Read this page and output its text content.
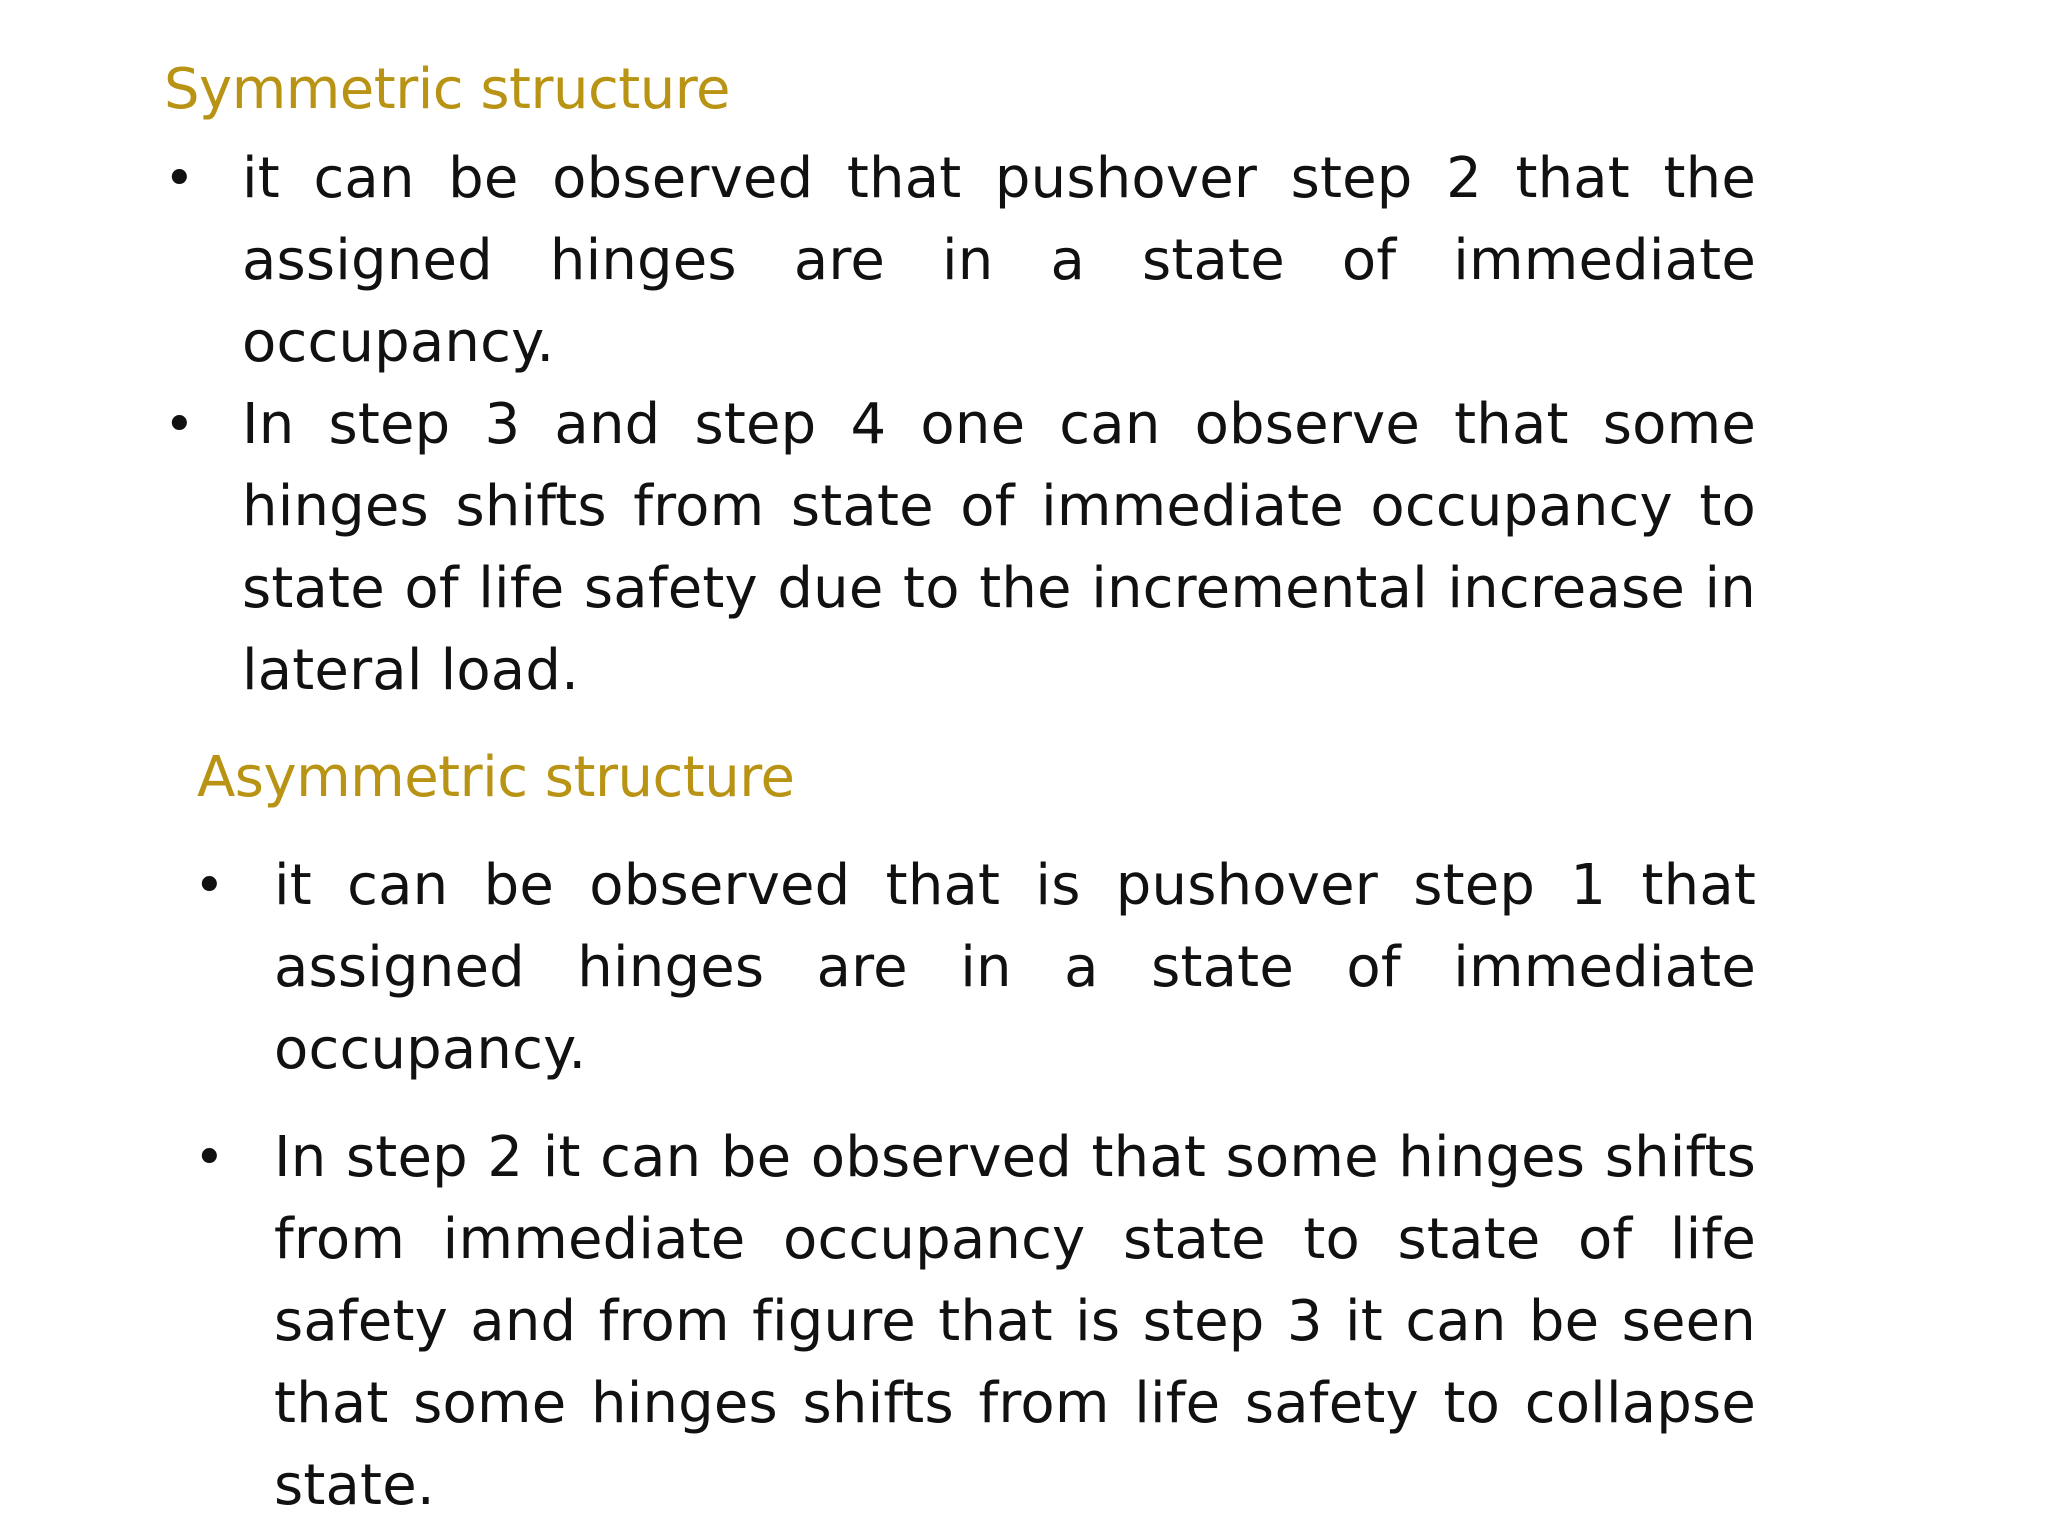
Symmetric structure
• it can be observed that pushover step 2 that the assigned hinges are in a state of immediate occupancy.
• In step 3 and step 4 one can observe that some hinges shifts from state of immediate occupancy to state of life safety due to the incremental increase in lateral load.
Asymmetric structure
• it can be observed that is pushover step 1 that assigned hinges are in a state of immediate occupancy.
• In step 2 it can be observed that some hinges shifts from immediate occupancy state to state of life safety and from figure that is step 3 it can be seen that some hinges shifts from life safety to collapse state.
